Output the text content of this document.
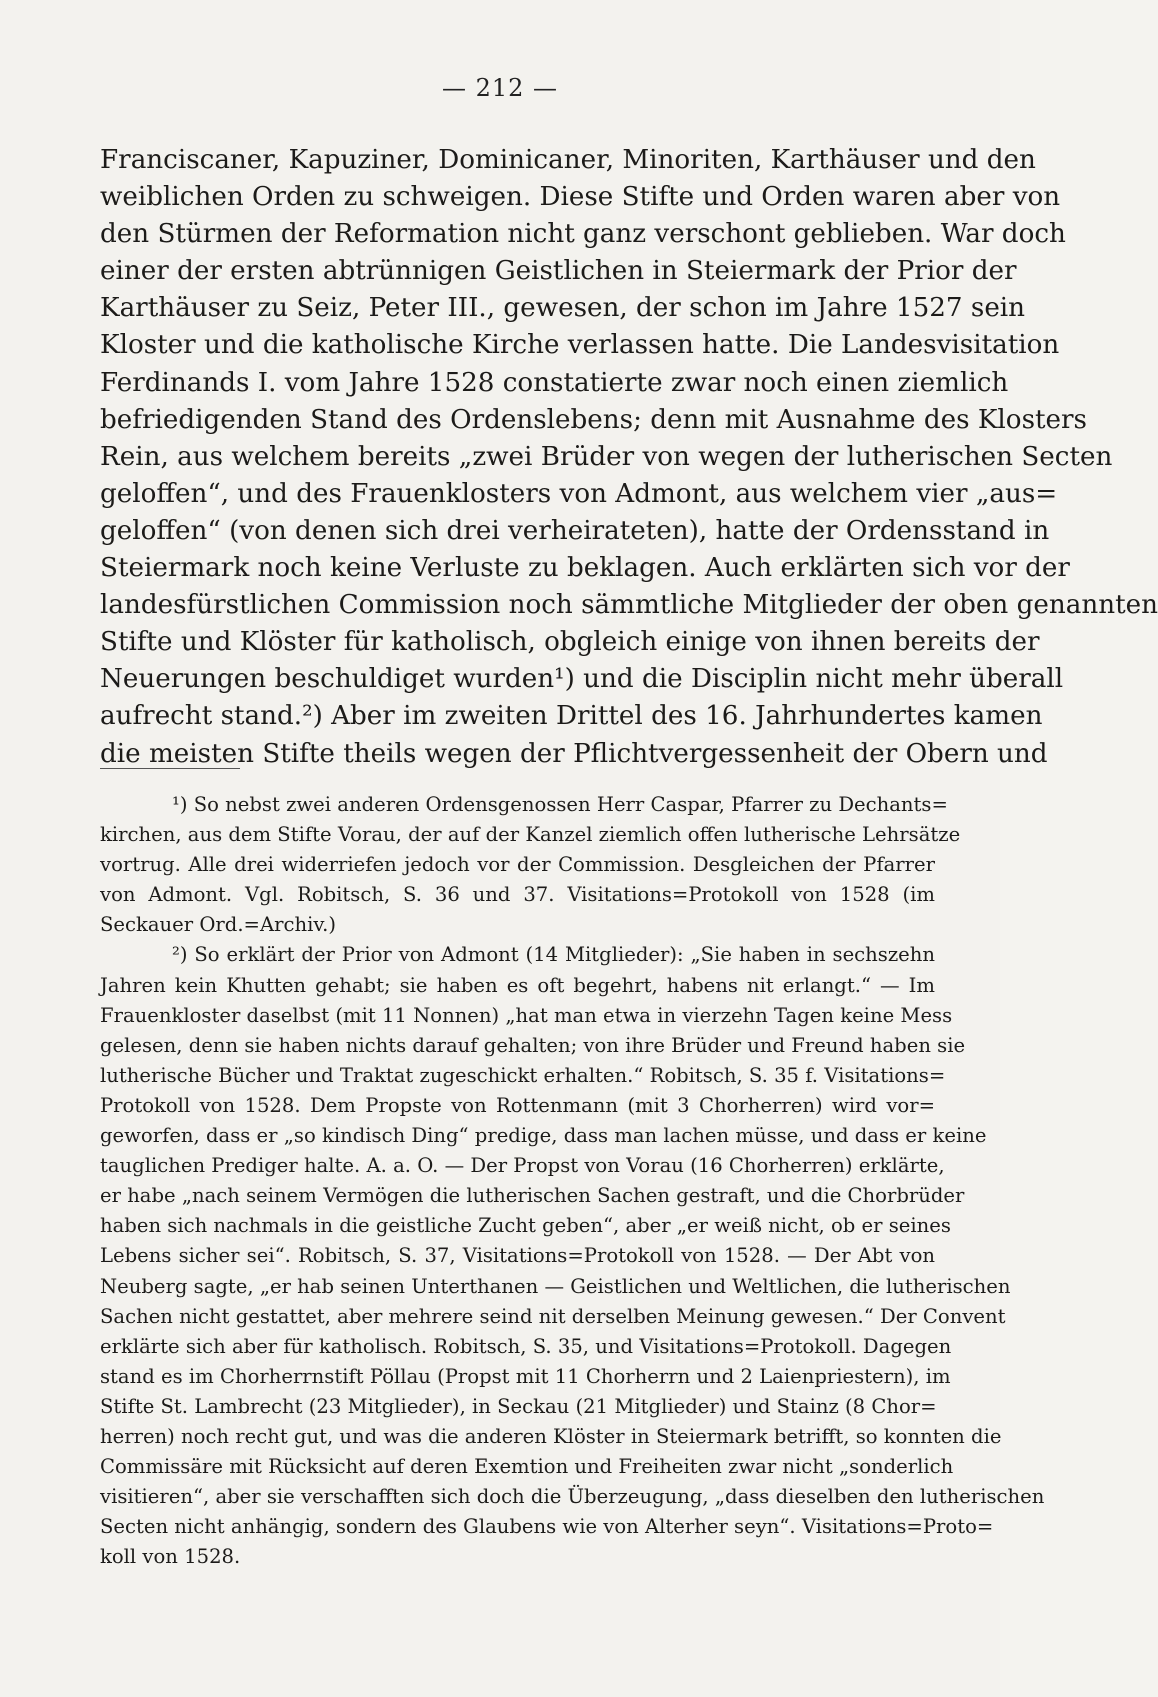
— 212 —
Franciscaner, Kapuziner, Dominicaner, Minoriten, Karthäuser und den
weiblichen Orden zu schweigen. Diese Stifte und Orden waren aber von
den Stürmen der Reformation nicht ganz verschont geblieben. War doch
einer der ersten abtrünnigen Geistlichen in Steiermark der Prior der
Karthäuser zu Seiz, Peter III., gewesen, der schon im Jahre 1527 sein
Kloster und die katholische Kirche verlassen hatte. Die Landesvisitation
Ferdinands I. vom Jahre 1528 constatierte zwar noch einen ziemlich
befriedigenden Stand des Ordenslebens; denn mit Ausnahme des Klosters
Rein, aus welchem bereits „zwei Brüder von wegen der lutherischen Secten
geloffen“, und des Frauenklosters von Admont, aus welchem vier „aus=
geloffen“ (von denen sich drei verheirateten), hatte der Ordensstand in
Steiermark noch keine Verluste zu beklagen. Auch erklärten sich vor der
landesfürstlichen Commission noch sämmtliche Mitglieder der oben genannten
Stifte und Klöster für katholisch, obgleich einige von ihnen bereits der
Neuerungen beschuldiget wurden¹) und die Disciplin nicht mehr überall
aufrecht stand.²) Aber im zweiten Drittel des 16. Jahrhundertes kamen
die meisten Stifte theils wegen der Pflichtvergessenheit der Obern und
¹) So nebst zwei anderen Ordensgenossen Herr Caspar, Pfarrer zu Dechants=
kirchen, aus dem Stifte Vorau, der auf der Kanzel ziemlich offen lutherische Lehrsätze
vortrug. Alle drei widerriefen jedoch vor der Commission. Desgleichen der Pfarrer
von Admont. Vgl. Robitsch, S. 36 und 37. Visitations=Protokoll von 1528 (im
Seckauer Ord.=Archiv.)
²) So erklärt der Prior von Admont (14 Mitglieder): „Sie haben in sechszehn
Jahren kein Khutten gehabt; sie haben es oft begehrt, habens nit erlangt.“ — Im
Frauenkloster daselbst (mit 11 Nonnen) „hat man etwa in vierzehn Tagen keine Mess
gelesen, denn sie haben nichts darauf gehalten; von ihre Brüder und Freund haben sie
lutherische Bücher und Traktat zugeschickt erhalten.“ Robitsch, S. 35 f. Visitations=
Protokoll von 1528. Dem Propste von Rottenmann (mit 3 Chorherren) wird vor=
geworfen, dass er „so kindisch Ding“ predige, dass man lachen müsse, und dass er keine
tauglichen Prediger halte. A. a. O. — Der Propst von Vorau (16 Chorherren) erklärte,
er habe „nach seinem Vermögen die lutherischen Sachen gestraft, und die Chorbrüder
haben sich nachmals in die geistliche Zucht geben“, aber „er weiß nicht, ob er seines
Lebens sicher sei“. Robitsch, S. 37, Visitations=Protokoll von 1528. — Der Abt von
Neuberg sagte, „er hab seinen Unterthanen — Geistlichen und Weltlichen, die lutherischen
Sachen nicht gestattet, aber mehrere seind nit derselben Meinung gewesen.“ Der Convent
erklärte sich aber für katholisch. Robitsch, S. 35, und Visitations=Protokoll. Dagegen
stand es im Chorherrnstift Pöllau (Propst mit 11 Chorherrn und 2 Laienpriestern), im
Stifte St. Lambrecht (23 Mitglieder), in Seckau (21 Mitglieder) und Stainz (8 Chor=
herren) noch recht gut, und was die anderen Klöster in Steiermark betrifft, so konnten die
Commissäre mit Rücksicht auf deren Exemtion und Freiheiten zwar nicht „sonderlich
visitieren“, aber sie verschafften sich doch die Überzeugung, „dass dieselben den lutherischen
Secten nicht anhängig, sondern des Glaubens wie von Alterher seyn“. Visitations=Proto=
koll von 1528.
